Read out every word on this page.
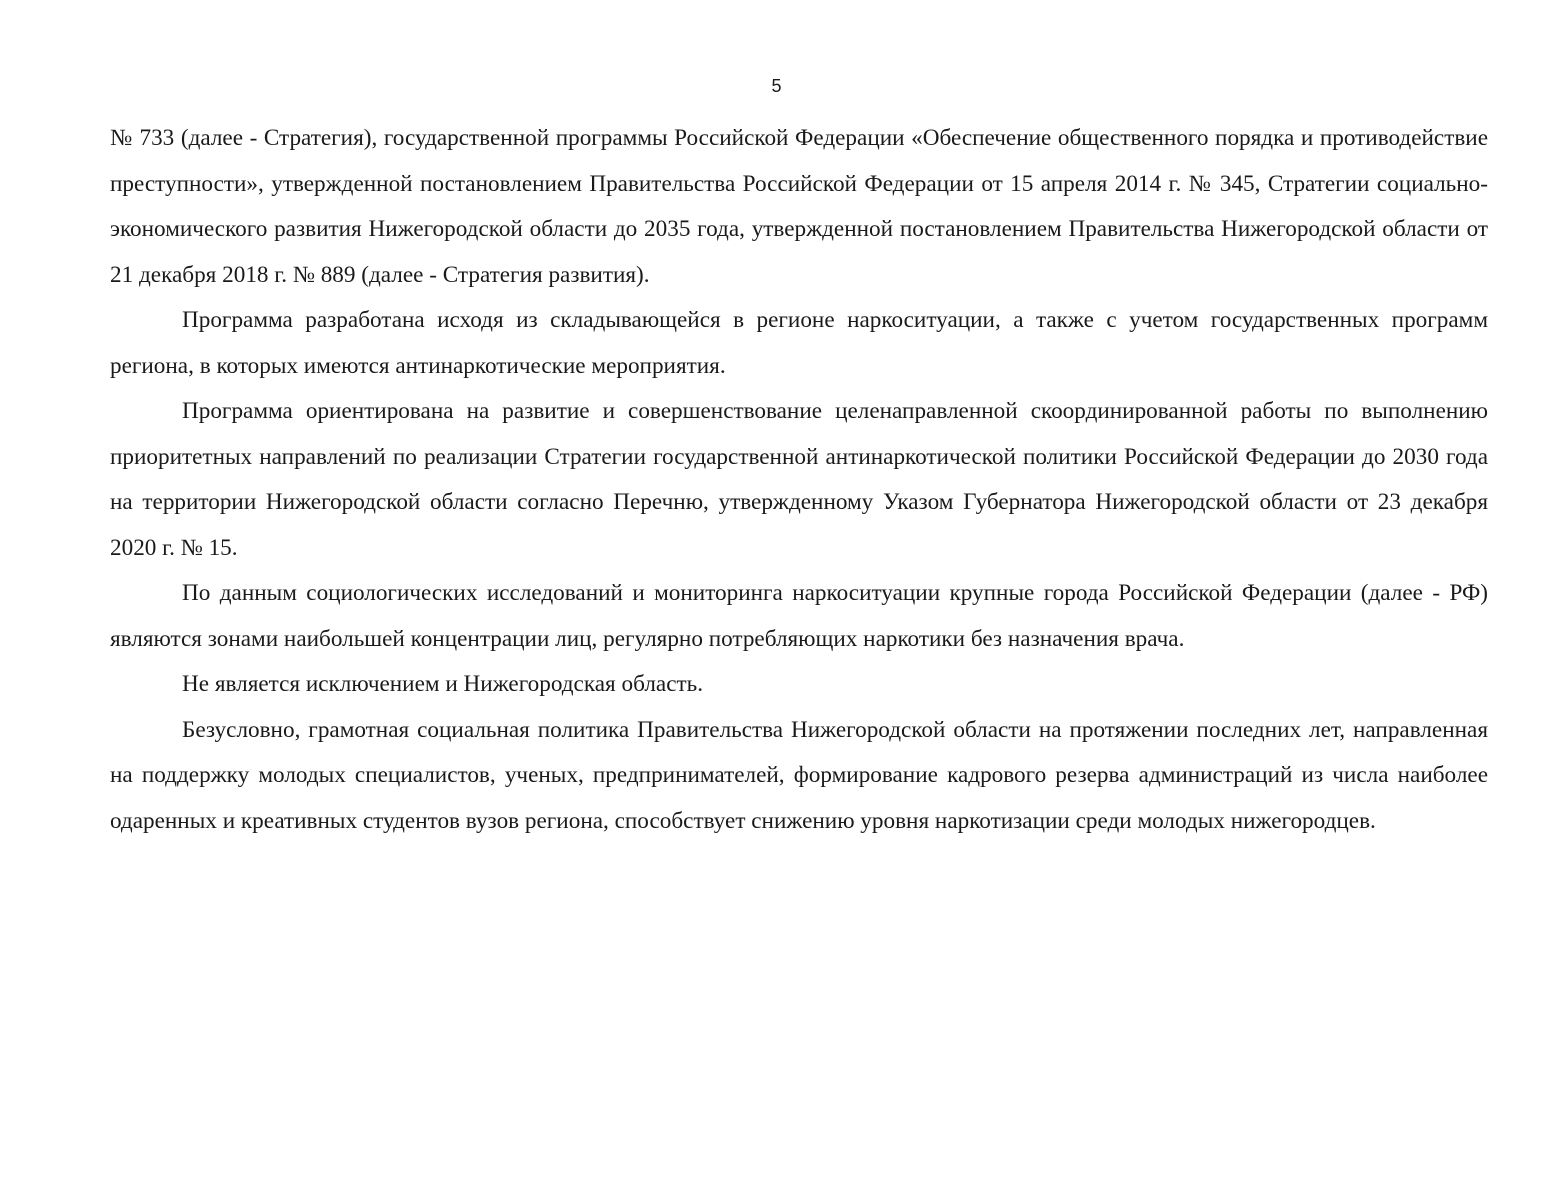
5

№ 733 (далее - Стратегия), государственной программы Российской Федерации «Обеспечение общественного порядка и противодействие преступности», утвержденной постановлением Правительства Российской Федерации от 15 апреля 2014 г. № 345, Стратегии социально-экономического развития Нижегородской области до 2035 года, утвержденной постановлением Правительства Нижегородской области от 21 декабря 2018 г. № 889 (далее - Стратегия развития).

Программа разработана исходя из складывающейся в регионе наркоситуации, а также с учетом государственных программ региона, в которых имеются антинаркотические мероприятия.

Программа ориентирована на развитие и совершенствование целенаправленной скоординированной работы по выполнению приоритетных направлений по реализации Стратегии государственной антинаркотической политики Российской Федерации до 2030 года на территории Нижегородской области согласно Перечню, утвержденному Указом Губернатора Нижегородской области от 23 декабря 2020 г. № 15.

По данным социологических исследований и мониторинга наркоситуации крупные города Российской Федерации (далее - РФ) являются зонами наибольшей концентрации лиц, регулярно потребляющих наркотики без назначения врача.

Не является исключением и Нижегородская область.

Безусловно, грамотная социальная политика Правительства Нижегородской области на протяжении последних лет, направленная на поддержку молодых специалистов, ученых, предпринимателей, формирование кадрового резерва администраций из числа наиболее одаренных и креативных студентов вузов региона, способствует снижению уровня наркотизации среди молодых нижегородцев.
